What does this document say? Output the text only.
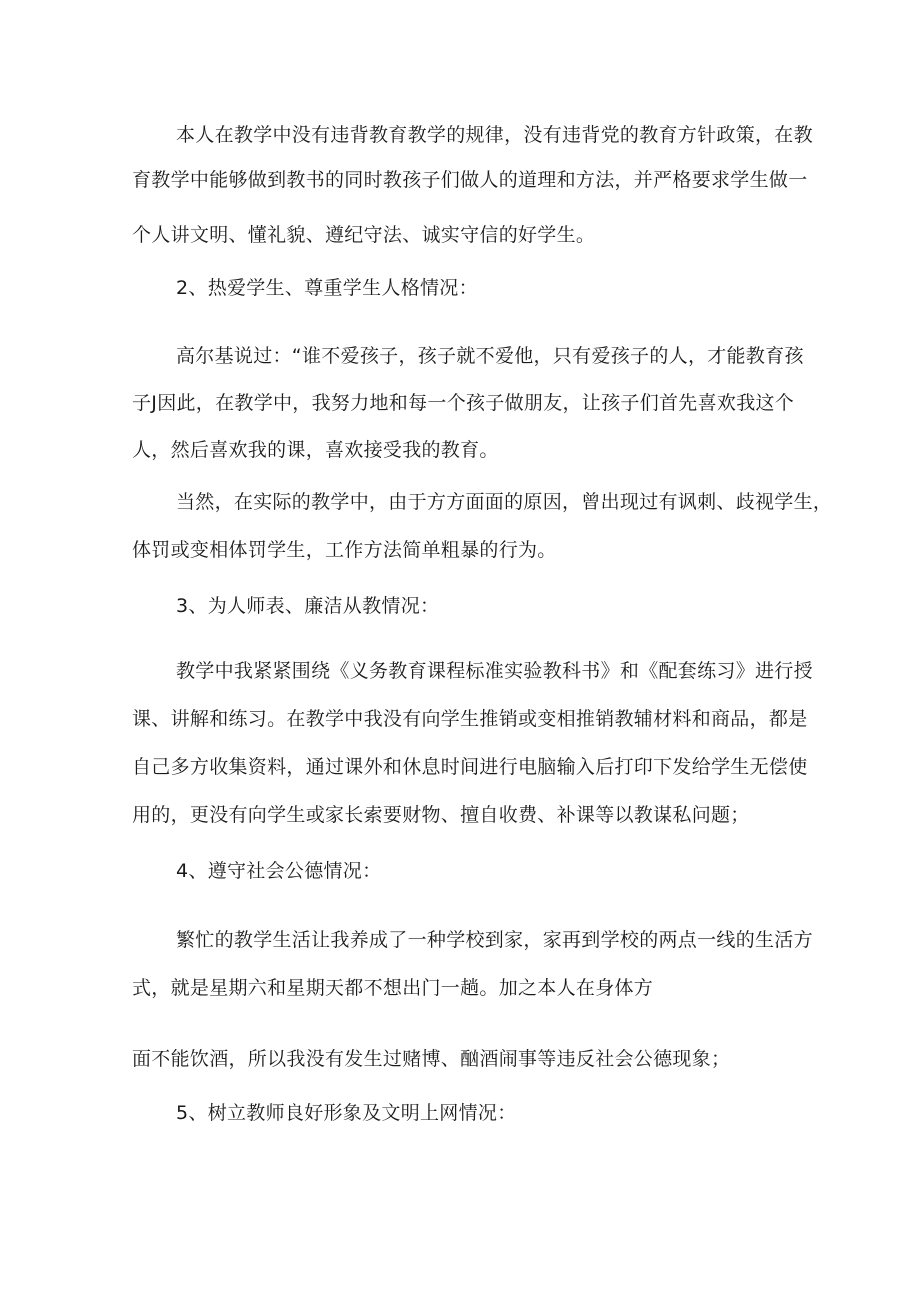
本人在教学中没有违背教育教学的规律，没有违背党的教育方针政策，在教
育教学中能够做到教书的同时教孩子们做人的道理和方法，并严格要求学生做一
个人讲文明、懂礼貌、遵纪守法、诚实守信的好学生。
2、热爱学生、尊重学生人格情况：
高尔基说过：“谁不爱孩子，孩子就不爱他，只有爱孩子的人，才能教育孩
子J因此，在教学中，我努力地和每一个孩子做朋友，让孩子们首先喜欢我这个
人，然后喜欢我的课，喜欢接受我的教育。
当然，在实际的教学中，由于方方面面的原因，曾出现过有讽刺、歧视学生，
体罚或变相体罚学生，工作方法简单粗暴的行为。
3、为人师表、廉洁从教情况：
教学中我紧紧围绕《义务教育课程标准实验教科书》和《配套练习》进行授
课、讲解和练习。在教学中我没有向学生推销或变相推销教辅材料和商品，都是
自己多方收集资料，通过课外和休息时间进行电脑输入后打印下发给学生无偿使
用的，更没有向学生或家长索要财物、擅自收费、补课等以教谋私问题；
4、遵守社会公德情况：
繁忙的教学生活让我养成了一种学校到家，家再到学校的两点一线的生活方
式，就是星期六和星期天都不想出门一趟。加之本人在身体方
面不能饮酒，所以我没有发生过赌博、酗酒闹事等违反社会公德现象；
5、树立教师良好形象及文明上网情况：
